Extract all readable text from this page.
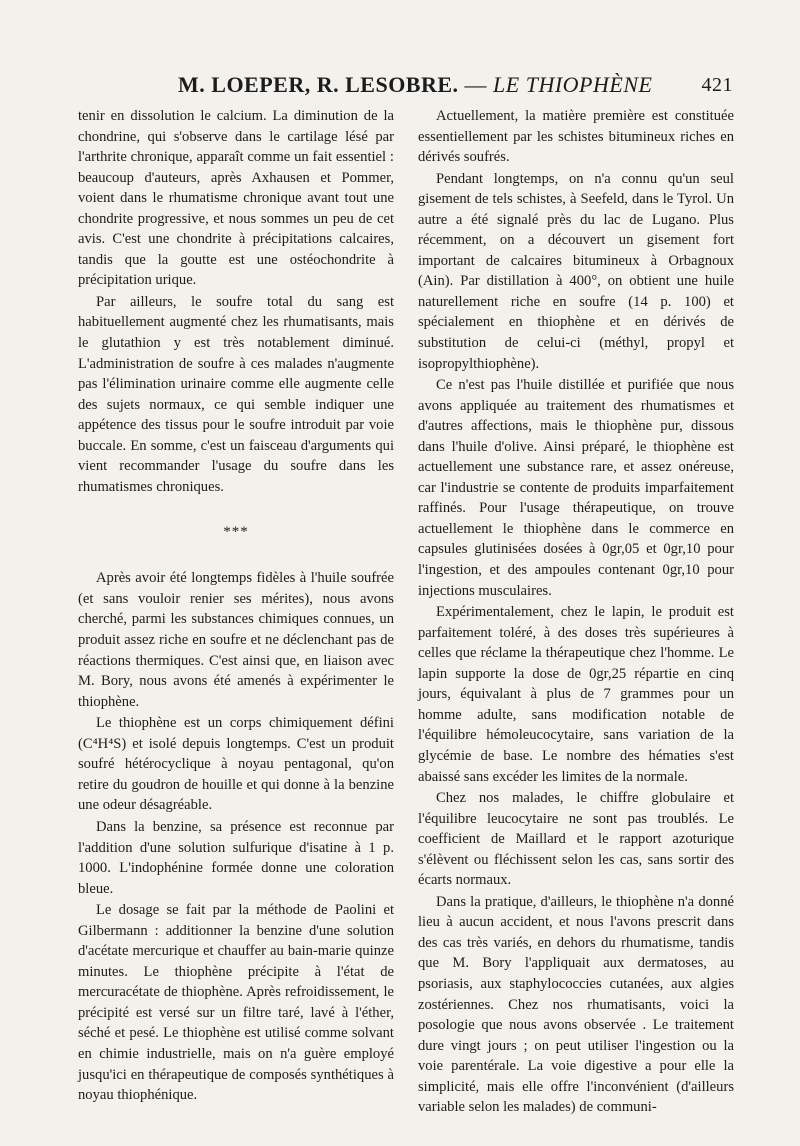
M. LOEPER, R. LESOBRE. — LE THIOPHÈNE 421

tenir en dissolution le calcium. La diminution de la chondrine, qui s'observe dans le cartilage lésé par l'arthrite chronique, apparaît comme un fait essentiel : beaucoup d'auteurs, après Axhausen et Pommer, voient dans le rhumatisme chronique avant tout une chondrite progressive, et nous sommes un peu de cet avis. C'est une chondrite à précipitations calcaires, tandis que la goutte est une ostéochondrite à précipitation urique.

Par ailleurs, le soufre total du sang est habituellement augmenté chez les rhumatisants, mais le glutathion y est très notablement diminué. L'administration de soufre à ces malades n'augmente pas l'élimination urinaire comme elle augmente celle des sujets normaux, ce qui semble indiquer une appétence des tissus pour le soufre introduit par voie buccale. En somme, c'est un faisceau d'arguments qui vient recommander l'usage du soufre dans les rhumatismes chroniques.

***

Après avoir été longtemps fidèles à l'huile soufrée (et sans vouloir renier ses mérites), nous avons cherché, parmi les substances chimiques connues, un produit assez riche en soufre et ne déclenchant pas de réactions thermiques. C'est ainsi que, en liaison avec M. Bory, nous avons été amenés à expérimenter le thiophène.

Le thiophène est un corps chimiquement défini (C⁴H⁴S) et isolé depuis longtemps. C'est un produit soufré hétérocyclique à noyau pentagonal, qu'on retire du goudron de houille et qui donne à la benzine une odeur désagréable.

Dans la benzine, sa présence est reconnue par l'addition d'une solution sulfurique d'isatine à 1 p. 1000. L'indophénine formée donne une coloration bleue.

Le dosage se fait par la méthode de Paolini et Gilbermann : additionner la benzine d'une solution d'acétate mercurique et chauffer au bain-marie quinze minutes. Le thiophène précipite à l'état de mercuracétate de thiophène. Après refroidissement, le précipité est versé sur un filtre taré, lavé à l'éther, séché et pesé. Le thiophène est utilisé comme solvant en chimie industrielle, mais on n'a guère employé jusqu'ici en thérapeutique de composés synthétiques à noyau thiophénique.

Actuellement, la matière première est constituée essentiellement par les schistes bitumineux riches en dérivés soufrés.

Pendant longtemps, on n'a connu qu'un seul gisement de tels schistes, à Seefeld, dans le Tyrol. Un autre a été signalé près du lac de Lugano. Plus récemment, on a découvert un gisement fort important de calcaires bitumineux à Orbagnoux (Ain). Par distillation à 400°, on obtient une huile naturellement riche en soufre (14 p. 100) et spécialement en thiophène et en dérivés de substitution de celui-ci (méthyl, propyl et isopropylthiophène).

Ce n'est pas l'huile distillée et purifiée que nous avons appliquée au traitement des rhumatismes et d'autres affections, mais le thiophène pur, dissous dans l'huile d'olive. Ainsi préparé, le thiophène est actuellement une substance rare, et assez onéreuse, car l'industrie se contente de produits imparfaitement raffinés. Pour l'usage thérapeutique, on trouve actuellement le thiophène dans le commerce en capsules glutinisées dosées à 0gr,05 et 0gr,10 pour l'ingestion, et des ampoules contenant 0gr,10 pour injections musculaires.

Expérimentalement, chez le lapin, le produit est parfaitement toléré, à des doses très supérieures à celles que réclame la thérapeutique chez l'homme. Le lapin supporte la dose de 0gr,25 répartie en cinq jours, équivalant à plus de 7 grammes pour un homme adulte, sans modification notable de l'équilibre hémoleucocytaire, sans variation de la glycémie de base. Le nombre des hématies s'est abaissé sans excéder les limites de la normale.

Chez nos malades, le chiffre globulaire et l'équilibre leucocytaire ne sont pas troublés. Le coefficient de Maillard et le rapport azoturique s'élèvent ou fléchissent selon les cas, sans sortir des écarts normaux.

Dans la pratique, d'ailleurs, le thiophène n'a donné lieu à aucun accident, et nous l'avons prescrit dans des cas très variés, en dehors du rhumatisme, tandis que M. Bory l'appliquait aux dermatoses, au psoriasis, aux staphylococcies cutanées, aux algies zostériennes. Chez nos rhumatisants, voici la posologie que nous avons observée . Le traitement dure vingt jours ; on peut utiliser l'ingestion ou la voie parentérale. La voie digestive a pour elle la simplicité, mais elle offre l'inconvénient (d'ailleurs variable selon les malades) de communi-
